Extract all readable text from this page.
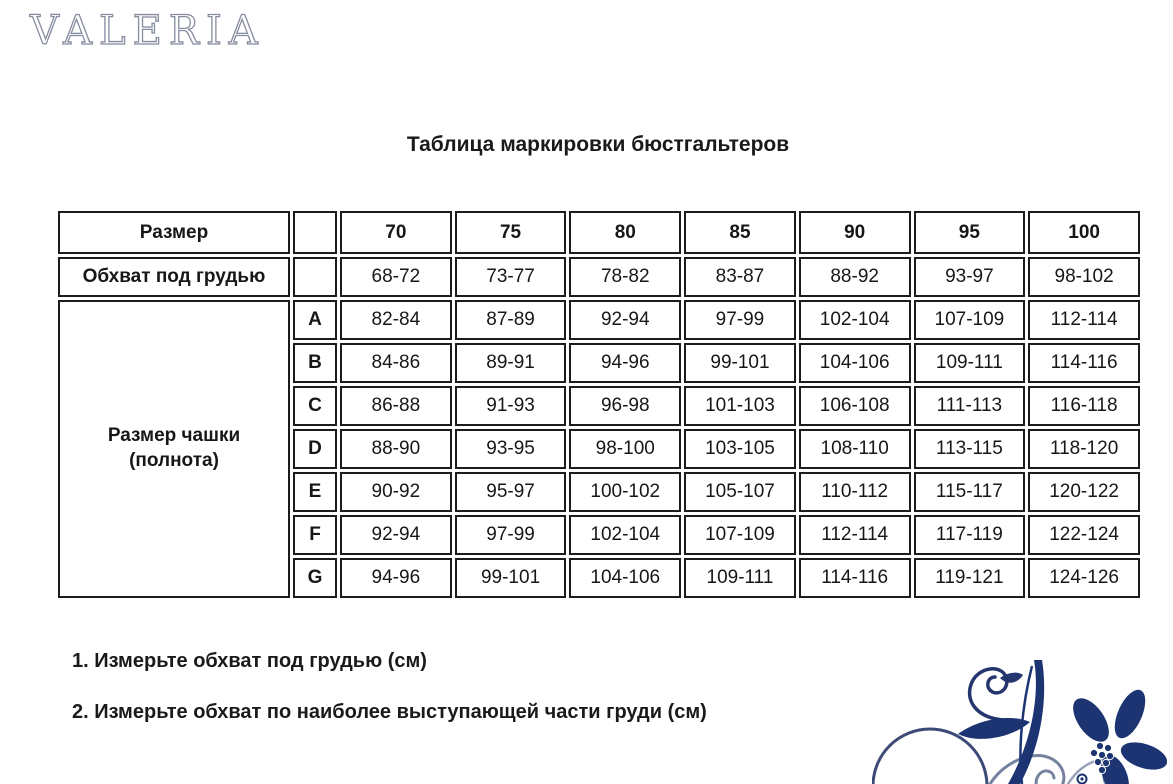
VALERIA
Таблица маркировки бюстгальтеров
Размер		70	75	80	85	90	95	100
Обхват под грудью		68-72	73-77	78-82	83-87	88-92	93-97	98-102
Размер чашки (полнота)	A	82-84	87-89	92-94	97-99	102-104	107-109	112-114
	B	84-86	89-91	94-96	99-101	104-106	109-111	114-116
	C	86-88	91-93	96-98	101-103	106-108	111-113	116-118
	D	88-90	93-95	98-100	103-105	108-110	113-115	118-120
	E	90-92	95-97	100-102	105-107	110-112	115-117	120-122
	F	92-94	97-99	102-104	107-109	112-114	117-119	122-124
	G	94-96	99-101	104-106	109-111	114-116	119-121	124-126
1. Измерьте обхват под грудью (см)
2. Измерьте обхват по наиболее выступающей части груди (см)
